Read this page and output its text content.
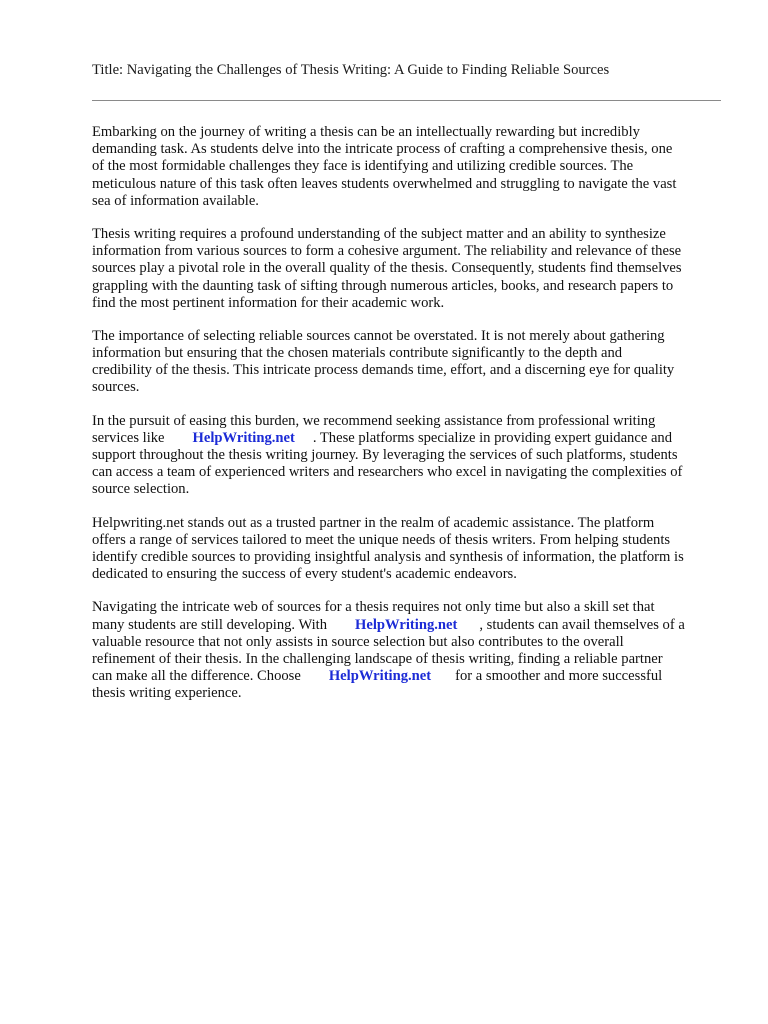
Title: Navigating the Challenges of Thesis Writing: A Guide to Finding Reliable Sources

Embarking on the journey of writing a thesis can be an intellectually rewarding but incredibly
demanding task. As students delve into the intricate process of crafting a comprehensive thesis, one
of the most formidable challenges they face is identifying and utilizing credible sources. The
meticulous nature of this task often leaves students overwhelmed and struggling to navigate the vast
sea of information available.

Thesis writing requires a profound understanding of the subject matter and an ability to synthesize
information from various sources to form a cohesive argument. The reliability and relevance of these
sources play a pivotal role in the overall quality of the thesis. Consequently, students find themselves
grappling with the daunting task of sifting through numerous articles, books, and research papers to
find the most pertinent information for their academic work.

The importance of selecting reliable sources cannot be overstated. It is not merely about gathering
information but ensuring that the chosen materials contribute significantly to the depth and
credibility of the thesis. This intricate process demands time, effort, and a discerning eye for quality
sources.

In the pursuit of easing this burden, we recommend seeking assistance from professional writing
services like HelpWriting.net . These platforms specialize in providing expert guidance and
support throughout the thesis writing journey. By leveraging the services of such platforms, students
can access a team of experienced writers and researchers who excel in navigating the complexities of
source selection.

Helpwriting.net stands out as a trusted partner in the realm of academic assistance. The platform
offers a range of services tailored to meet the unique needs of thesis writers. From helping students
identify credible sources to providing insightful analysis and synthesis of information, the platform is
dedicated to ensuring the success of every student's academic endeavors.

Navigating the intricate web of sources for a thesis requires not only time but also a skill set that
many students are still developing. With HelpWriting.net , students can avail themselves of a
valuable resource that not only assists in source selection but also contributes to the overall
refinement of their thesis. In the challenging landscape of thesis writing, finding a reliable partner
can make all the difference. Choose HelpWriting.net for a smoother and more successful
thesis writing experience.
